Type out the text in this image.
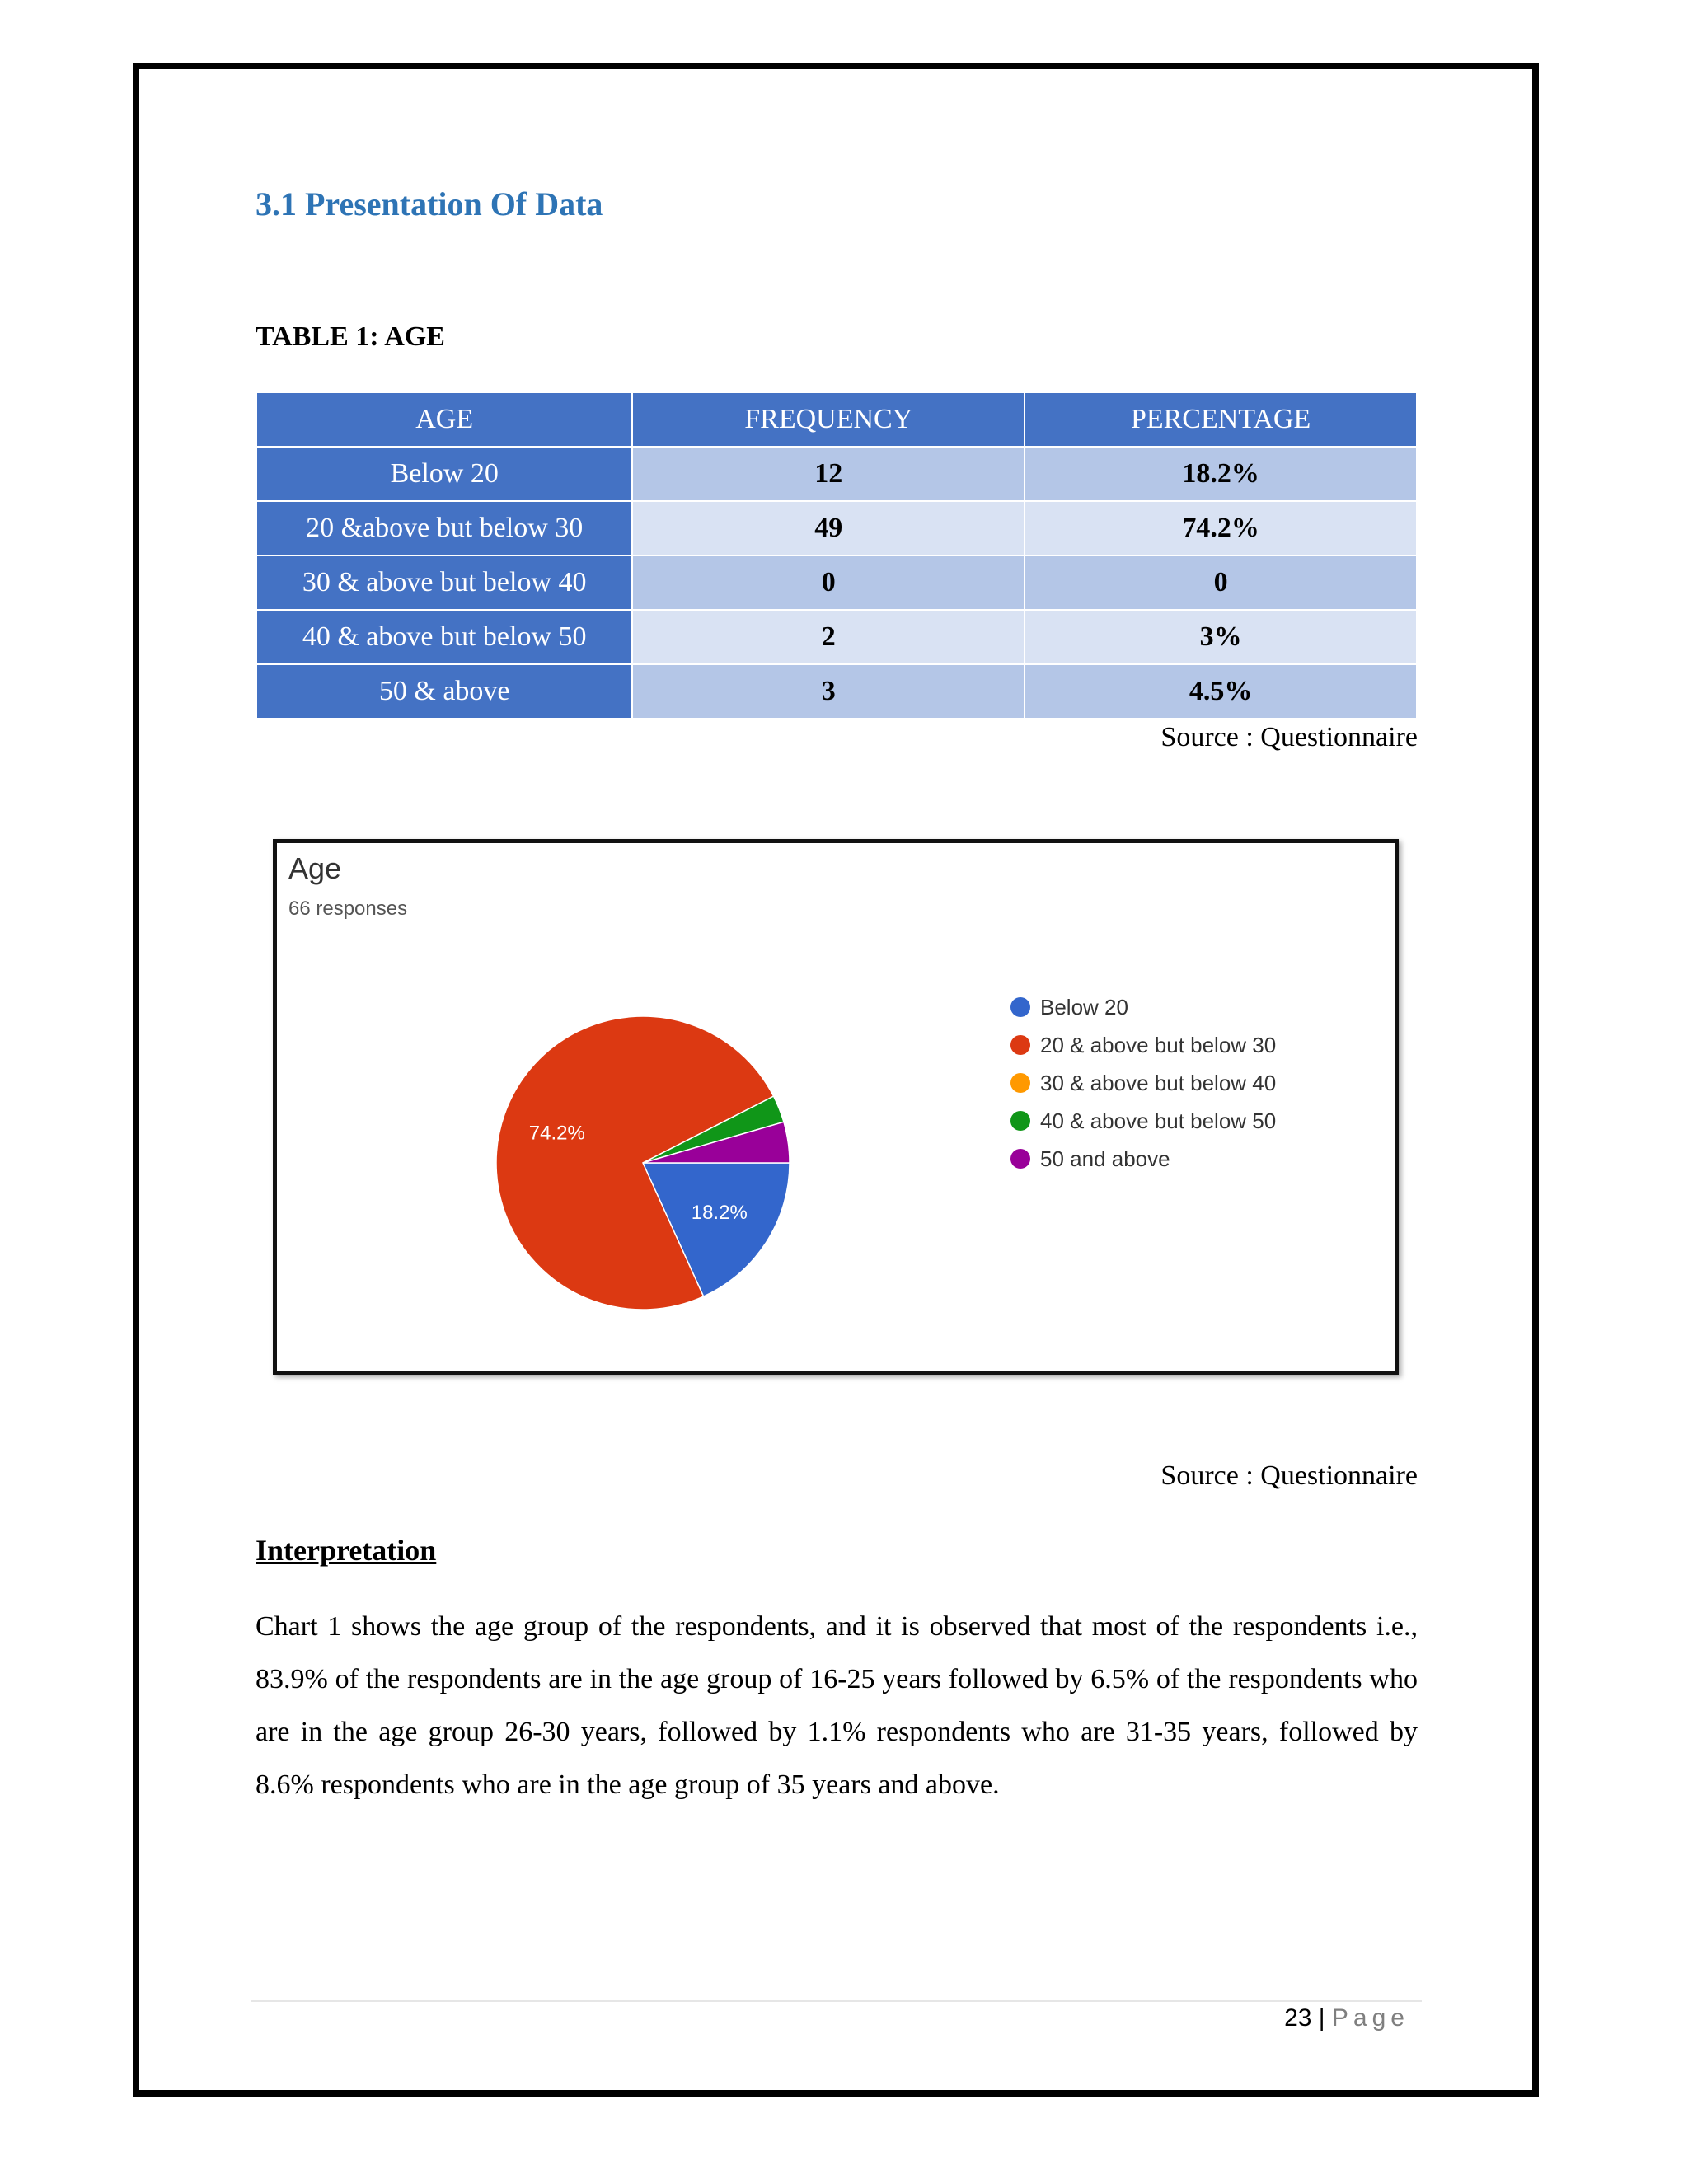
3.1 Presentation Of Data
TABLE 1: AGE
AGE	FREQUENCY	PERCENTAGE
Below 20	12	18.2%
20 &above but below 30	49	74.2%
30 & above but below 40	0	0
40 & above but below 50	2	3%
50 & above	3	4.5%
Source : Questionnaire
Age
66 responses
18.2%
74.2%
Below 20
20 & above but below 30
30 & above but below 40
40 & above but below 50
50 and above
Source : Questionnaire
Interpretation
Chart 1 shows the age group of the respondents, and it is observed that most of the respondents i.e., 83.9% of the respondents are in the age group of 16-25 years followed by 6.5% of the respondents who are in the age group 26-30 years, followed by 1.1% respondents who are 31-35 years, followed by 8.6% respondents who are in the age group of 35 years and above.
23 | Page
